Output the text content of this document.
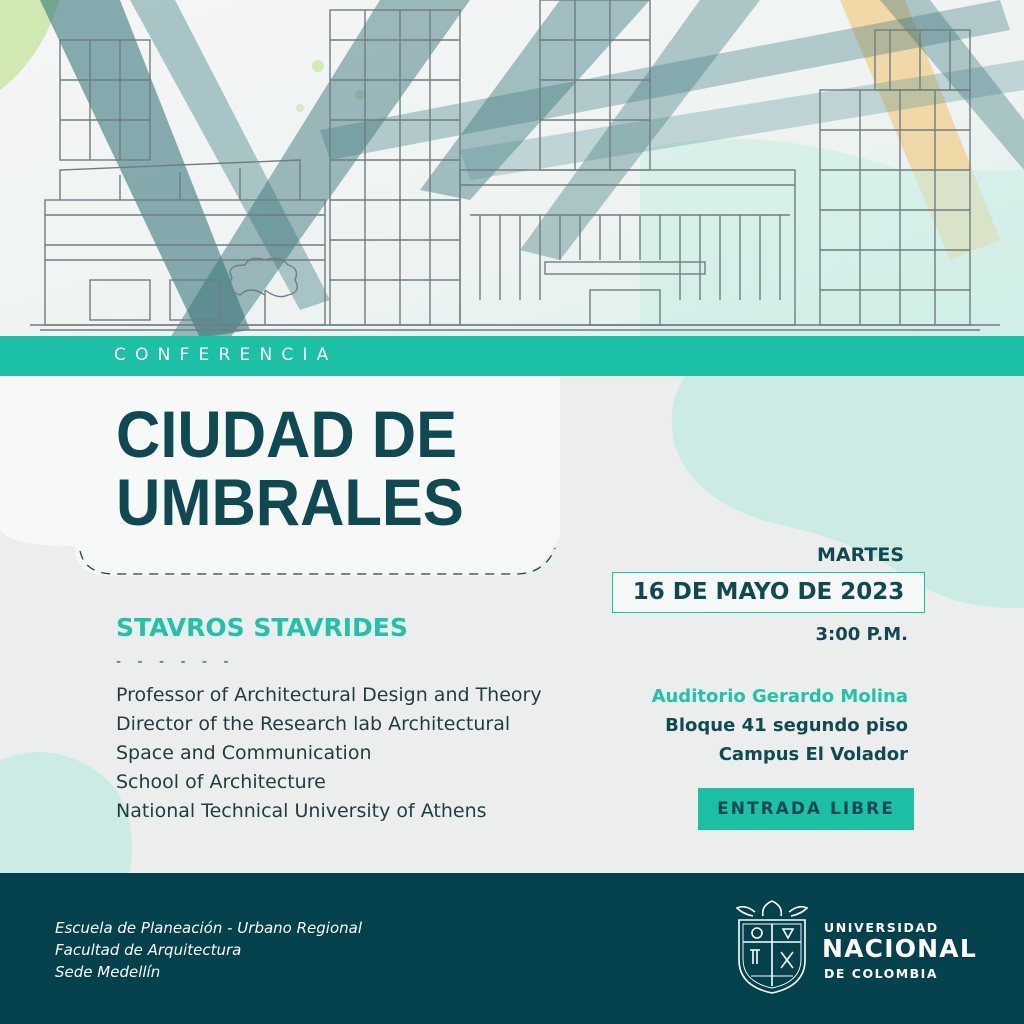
CONFERENCIA
CIUDAD DE
UMBRALES
STAVROS STAVRIDES
- - - - - -
Professor of Architectural Design and Theory
Director of the Research lab Architectural
Space and Communication
School of Architecture
National Technical University of Athens
MARTES
16 DE MAYO DE 2023
3:00 P.M.
Auditorio Gerardo Molina
Bloque 41 segundo piso
Campus El Volador
ENTRADA LIBRE
Escuela de Planeación - Urbano Regional
Facultad de Arquitectura
Sede Medellín
UNIVERSIDAD
NACIONAL
DE COLOMBIA
